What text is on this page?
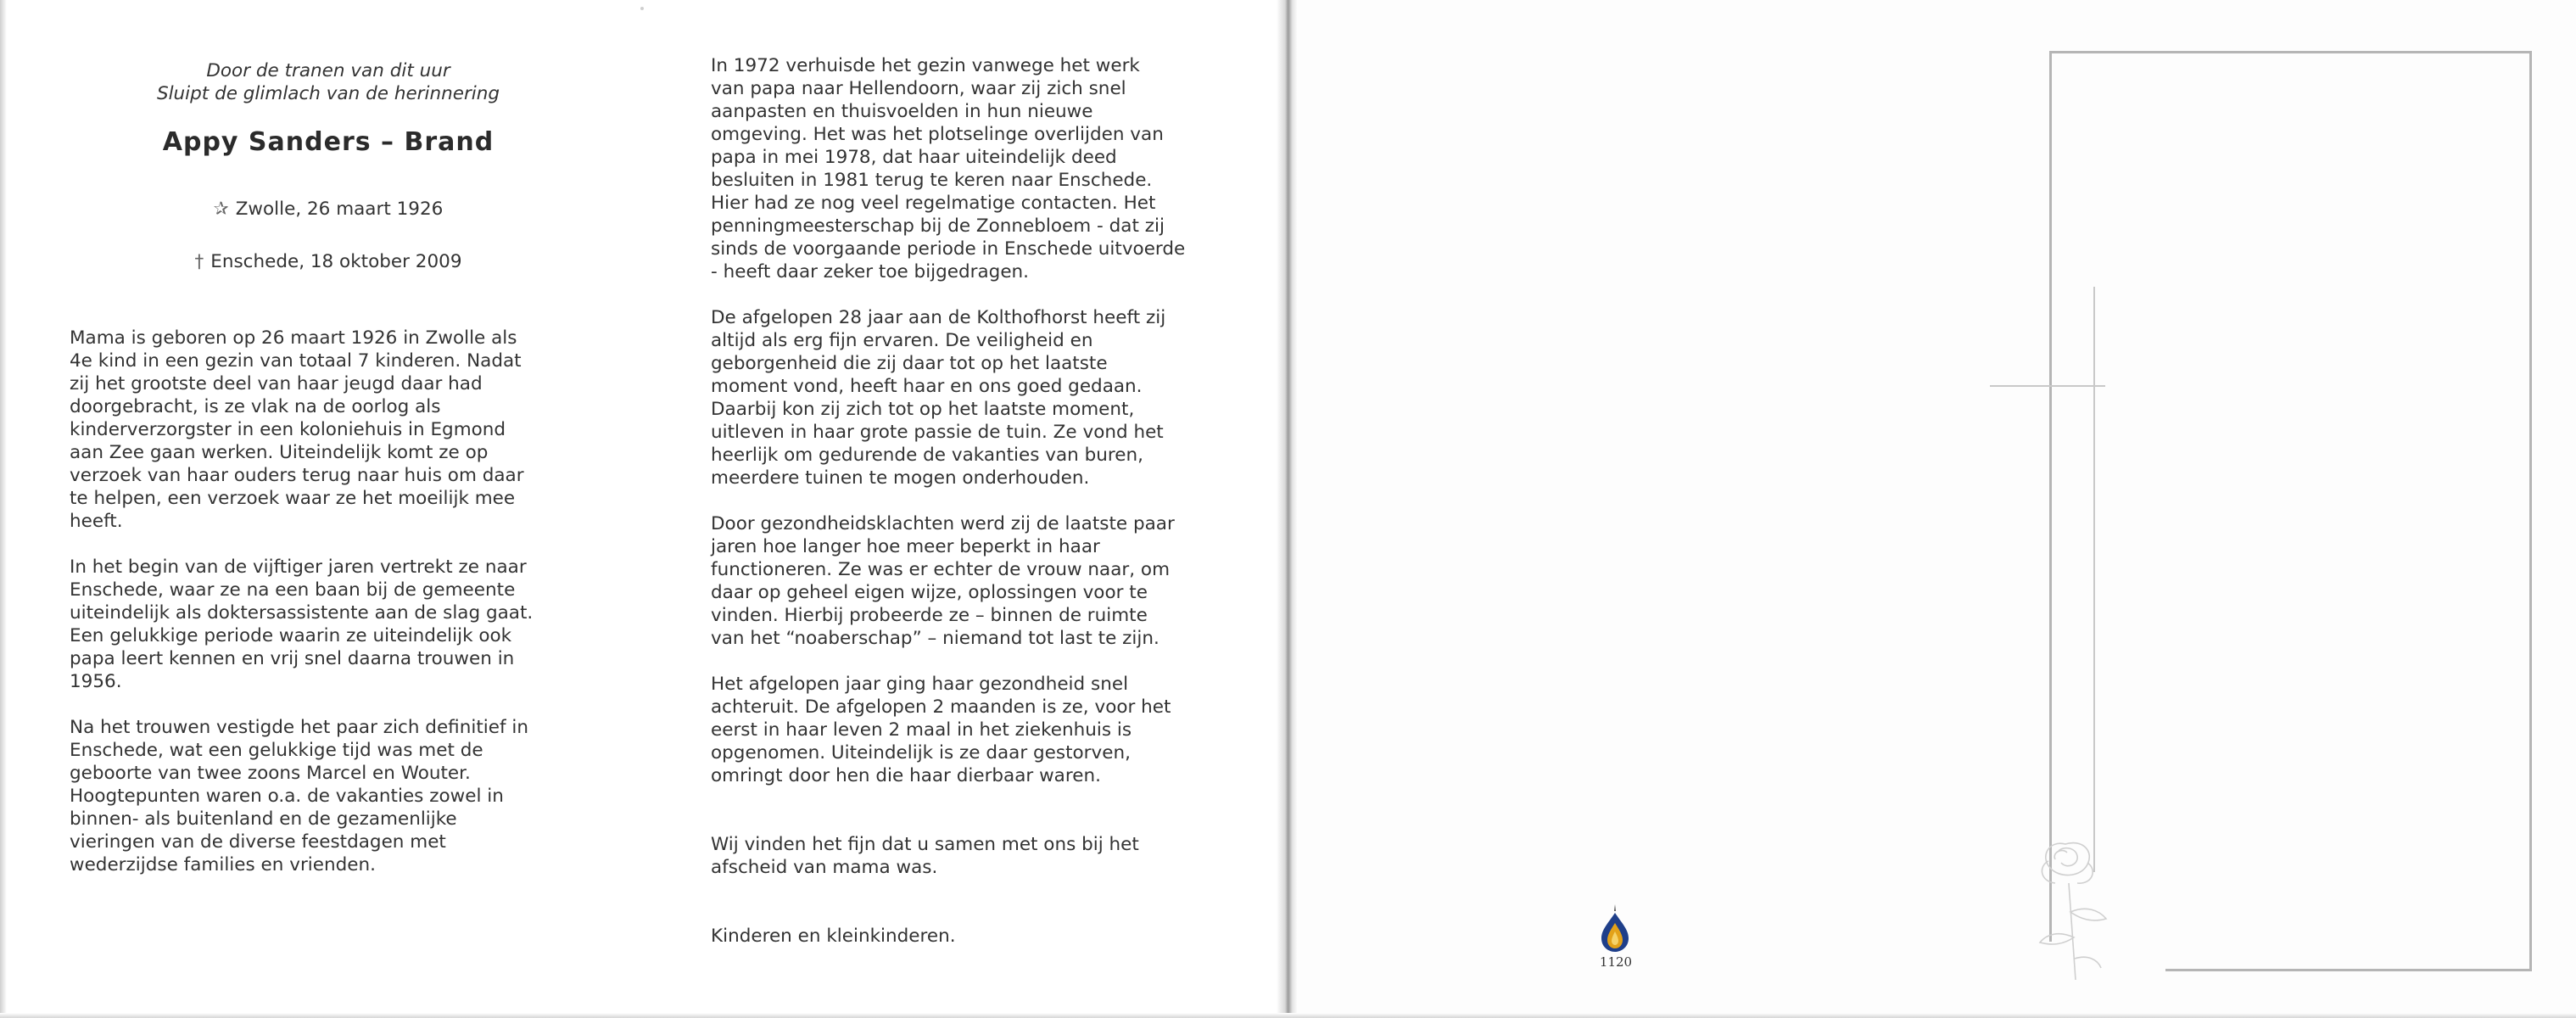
Door de tranen van dit uur
Sluipt de glimlach van de herinnering
Appy Sanders – Brand
✰ Zwolle, 26 maart 1926
† Enschede, 18 oktober 2009

Mama is geboren op 26 maart 1926 in Zwolle als
4e kind in een gezin van totaal 7 kinderen. Nadat
zij het grootste deel van haar jeugd daar had
doorgebracht, is ze vlak na de oorlog als
kinderverzorgster in een koloniehuis in Egmond
aan Zee gaan werken. Uiteindelijk komt ze op
verzoek van haar ouders terug naar huis om daar
te helpen, een verzoek waar ze het moeilijk mee
heeft.

In het begin van de vijftiger jaren vertrekt ze naar
Enschede, waar ze na een baan bij de gemeente
uiteindelijk als doktersassistente aan de slag gaat.
Een gelukkige periode waarin ze uiteindelijk ook
papa leert kennen en vrij snel daarna trouwen in
1956.

Na het trouwen vestigde het paar zich definitief in
Enschede, wat een gelukkige tijd was met de
geboorte van twee zoons Marcel en Wouter.
Hoogtepunten waren o.a. de vakanties zowel in
binnen- als buitenland en de gezamenlijke
vieringen van de diverse feestdagen met
wederzijdse families en vrienden.

In 1972 verhuisde het gezin vanwege het werk
van papa naar Hellendoorn, waar zij zich snel
aanpasten en thuisvoelden in hun nieuwe
omgeving. Het was het plotselinge overlijden van
papa in mei 1978, dat haar uiteindelijk deed
besluiten in 1981 terug te keren naar Enschede.
Hier had ze nog veel regelmatige contacten. Het
penningmeesterschap bij de Zonnebloem - dat zij
sinds de voorgaande periode in Enschede uitvoerde
- heeft daar zeker toe bijgedragen.

De afgelopen 28 jaar aan de Kolthofhorst heeft zij
altijd als erg fijn ervaren. De veiligheid en
geborgenheid die zij daar tot op het laatste
moment vond, heeft haar en ons goed gedaan.
Daarbij kon zij zich tot op het laatste moment,
uitleven in haar grote passie de tuin. Ze vond het
heerlijk om gedurende de vakanties van buren,
meerdere tuinen te mogen onderhouden.

Door gezondheidsklachten werd zij de laatste paar
jaren hoe langer hoe meer beperkt in haar
functioneren. Ze was er echter de vrouw naar, om
daar op geheel eigen wijze, oplossingen voor te
vinden. Hierbij probeerde ze – binnen de ruimte
van het “noaberschap” – niemand tot last te zijn.

Het afgelopen jaar ging haar gezondheid snel
achteruit. De afgelopen 2 maanden is ze, voor het
eerst in haar leven 2 maal in het ziekenhuis is
opgenomen. Uiteindelijk is ze daar gestorven,
omringt door hen die haar dierbaar waren.

Wij vinden het fijn dat u samen met ons bij het
afscheid van mama was.

Kinderen en kleinkinderen.

1120
